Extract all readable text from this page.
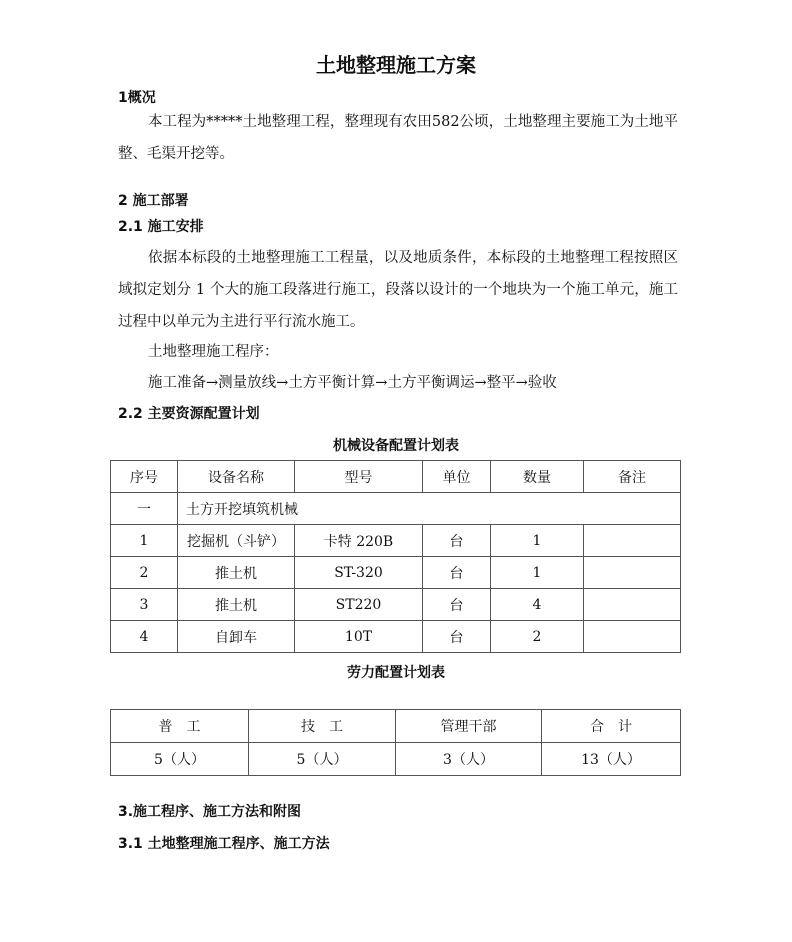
土地整理施工方案
1概况
本工程为*****土地整理工程，整理现有农田582公顷，土地整理主要施工为土地平整、毛渠开挖等。
2 施工部署
2.1 施工安排
依据本标段的土地整理施工工程量，以及地质条件，本标段的土地整理工程按照区域拟定划分 1 个大的施工段落进行施工，段落以设计的一个地块为一个施工单元，施工过程中以单元为主进行平行流水施工。
土地整理施工程序：
施工准备→测量放线→土方平衡计算→土方平衡调运→整平→验收
2.2 主要资源配置计划
机械设备配置计划表
序号	设备名称	型号	单位	数量	备注
一	土方开挖填筑机械				
1	挖掘机（斗铲）	卡特 220B	台	1	
2	推土机	ST-320	台	1	
3	推土机	ST220	台	4	
4	自卸车	10T	台	2	
劳力配置计划表
普　工	技　工	管理干部	合　计
5（人）	5（人）	3（人）	13（人）
3.施工程序、施工方法和附图
3.1 土地整理施工程序、施工方法
